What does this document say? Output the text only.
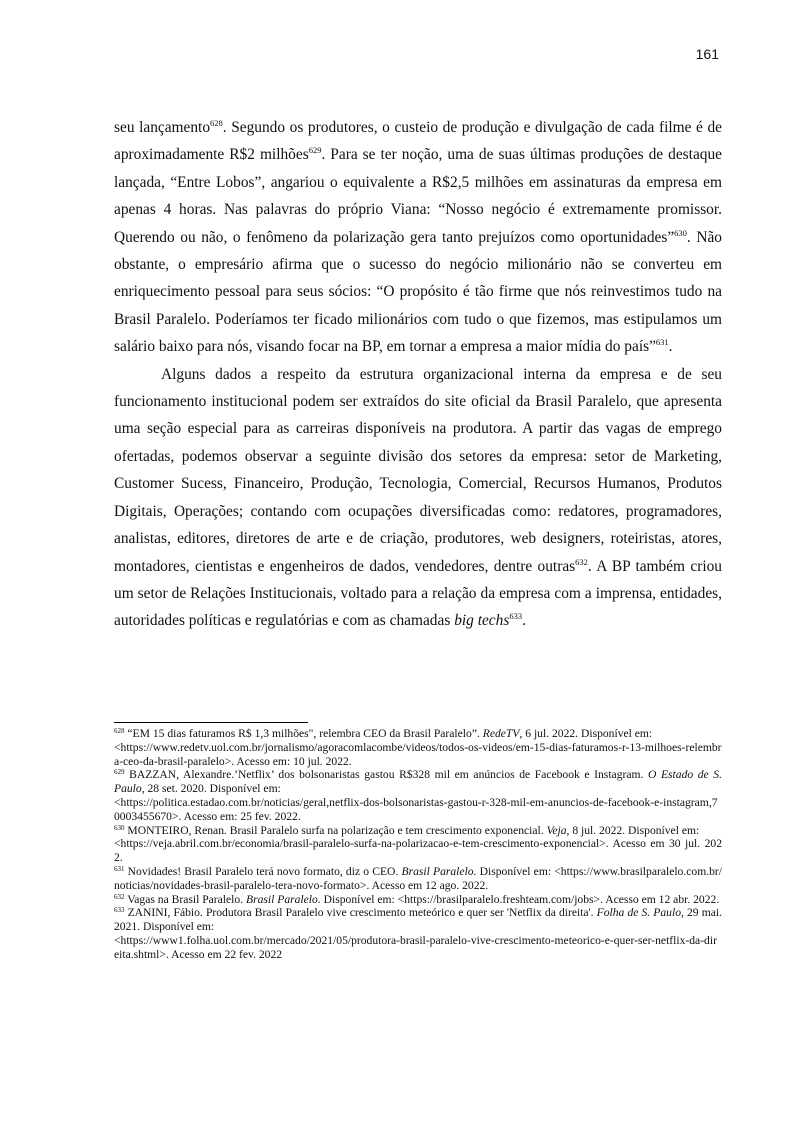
161

seu lançamento$^{628}$. Segundo os produtores, o custeio de produção e divulgação de cada filme é de aproximadamente R$2 milhões$^{629}$. Para se ter noção, uma de suas últimas produções de destaque lançada, “Entre Lobos”, angariou o equivalente a R$2,5 milhões em assinaturas da empresa em apenas 4 horas. Nas palavras do próprio Viana: “Nosso negócio é extremamente promissor. Querendo ou não, o fenômeno da polarização gera tanto prejuízos como oportunidades”$^{630}$. Não obstante, o empresário afirma que o sucesso do negócio milionário não se converteu em enriquecimento pessoal para seus sócios: “O propósito é tão firme que nós reinvestimos tudo na Brasil Paralelo. Poderíamos ter ficado milionários com tudo o que fizemos, mas estipulamos um salário baixo para nós, visando focar na BP, em tornar a empresa a maior mídia do país”$^{631}$.

Alguns dados a respeito da estrutura organizacional interna da empresa e de seu funcionamento institucional podem ser extraídos do site oficial da Brasil Paralelo, que apresenta uma seção especial para as carreiras disponíveis na produtora. A partir das vagas de emprego ofertadas, podemos observar a seguinte divisão dos setores da empresa: setor de Marketing, Customer Sucess, Financeiro, Produção, Tecnologia, Comercial, Recursos Humanos, Produtos Digitais, Operações; contando com ocupações diversificadas como: redatores, programadores, analistas, editores, diretores de arte e de criação, produtores, web designers, roteiristas, atores, montadores, cientistas e engenheiros de dados, vendedores, dentre outras$^{632}$. A BP também criou um setor de Relações Institucionais, voltado para a relação da empresa com a imprensa, entidades, autoridades políticas e regulatórias e com as chamadas big techs$^{633}$.

$^{628}$ “EM 15 dias faturamos R$ 1,3 milhões", relembra CEO da Brasil Paralelo”. RedeTV, 6 jul. 2022. Disponível em:
<https://www.redetv.uol.com.br/jornalismo/agoracomlacombe/videos/todos-os-videos/em-15-dias-faturamos-r-13-milhoes-relembra-ceo-da-brasil-paralelo>. Acesso em: 10 jul. 2022.

$^{629}$ BAZZAN, Alexandre.’Netflix’ dos bolsonaristas gastou R$328 mil em anúncios de Facebook e Instagram. O Estado de S. Paulo, 28 set. 2020. Disponível em:
<https://politica.estadao.com.br/noticias/geral,netflix-dos-bolsonaristas-gastou-r-328-mil-em-anuncios-de-facebook-e-instagram,70003455670>. Acesso em: 25 fev. 2022.

$^{630}$ MONTEIRO, Renan. Brasil Paralelo surfa na polarização e tem crescimento exponencial. Veja, 8 jul. 2022. Disponível em:
<https://veja.abril.com.br/economia/brasil-paralelo-surfa-na-polarizacao-e-tem-crescimento-exponencial>. Acesso em 30 jul. 2022.

$^{631}$ Novidades! Brasil Paralelo terá novo formato, diz o CEO. Brasil Paralelo. Disponível em: <https://www.brasilparalelo.com.br/noticias/novidades-brasil-paralelo-tera-novo-formato>. Acesso em 12 ago. 2022.

$^{632}$ Vagas na Brasil Paralelo. Brasil Paralelo. Disponível em: <https://brasilparalelo.freshteam.com/jobs>. Acesso em 12 abr. 2022.

$^{633}$ ZANINI, Fábio. Produtora Brasil Paralelo vive crescimento meteórico e quer ser 'Netflix da direita'. Folha de S. Paulo, 29 mai. 2021. Disponível em:
<https://www1.folha.uol.com.br/mercado/2021/05/produtora-brasil-paralelo-vive-crescimento-meteorico-e-quer-ser-netflix-da-direita.shtml>. Acesso em 22 fev. 2022
